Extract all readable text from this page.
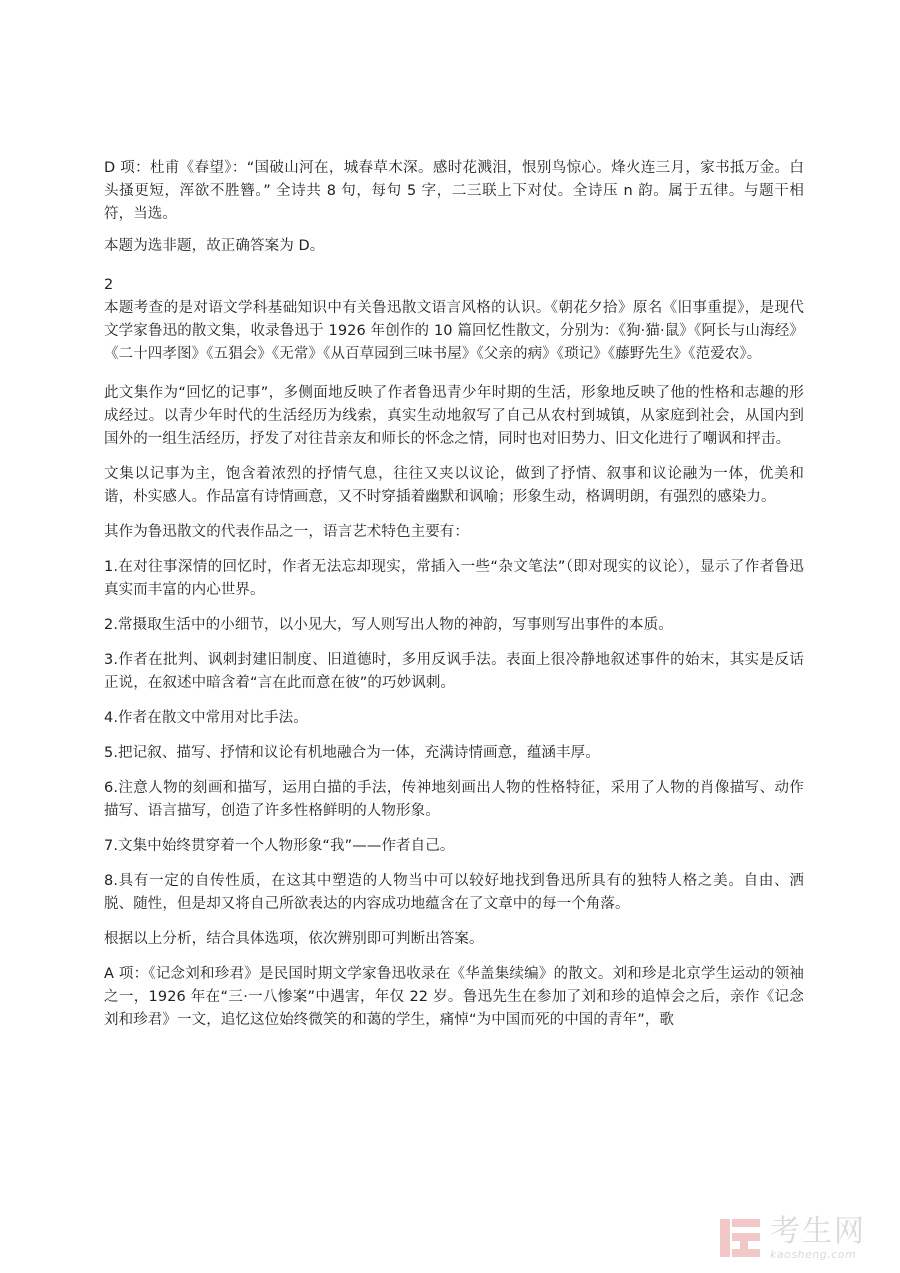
D 项：杜甫《春望》：“国破山河在，城春草木深。感时花溅泪，恨别鸟惊心。烽火连三月，家书抵万金。白头搔更短，浑欲不胜簪。” 全诗共 8 句，每句 5 字，二三联上下对仗。全诗压 n 韵。属于五律。与题干相符，当选。

本题为选非题，故正确答案为 D。

2

本题考查的是对语文学科基础知识中有关鲁迅散文语言风格的认识。《朝花夕拾》原名《旧事重提》，是现代文学家鲁迅的散文集，收录鲁迅于 1926 年创作的 10 篇回忆性散文，分别为：《狗·猫·鼠》《阿长与山海经》《二十四孝图》《五猖会》《无常》《从百草园到三味书屋》《父亲的病》《琐记》《藤野先生》《范爱农》。

此文集作为“回忆的记事”，多侧面地反映了作者鲁迅青少年时期的生活，形象地反映了他的性格和志趣的形成经过。以青少年时代的生活经历为线索，真实生动地叙写了自己从农村到城镇，从家庭到社会，从国内到国外的一组生活经历，抒发了对往昔亲友和师长的怀念之情，同时也对旧势力、旧文化进行了嘲讽和抨击。

文集以记事为主，饱含着浓烈的抒情气息，往往又夹以议论，做到了抒情、叙事和议论融为一体，优美和谐，朴实感人。作品富有诗情画意，又不时穿插着幽默和讽喻；形象生动，格调明朗，有强烈的感染力。

其作为鲁迅散文的代表作品之一，语言艺术特色主要有：

1.在对往事深情的回忆时，作者无法忘却现实，常插入一些“杂文笔法”（即对现实的议论），显示了作者鲁迅真实而丰富的内心世界。

2.常摄取生活中的小细节，以小见大，写人则写出人物的神韵，写事则写出事件的本质。

3.作者在批判、讽刺封建旧制度、旧道德时，多用反讽手法。表面上很冷静地叙述事件的始末，其实是反话正说，在叙述中暗含着“言在此而意在彼”的巧妙讽刺。

4.作者在散文中常用对比手法。

5.把记叙、描写、抒情和议论有机地融合为一体，充满诗情画意，蕴涵丰厚。

6.注意人物的刻画和描写，运用白描的手法，传神地刻画出人物的性格特征，采用了人物的肖像描写、动作描写、语言描写，创造了许多性格鲜明的人物形象。

7.文集中始终贯穿着一个人物形象“我”——作者自己。

8.具有一定的自传性质，在这其中塑造的人物当中可以较好地找到鲁迅所具有的独特人格之美。自由、洒脱、随性，但是却又将自己所欲表达的内容成功地蕴含在了文章中的每一个角落。

根据以上分析，结合具体选项，依次辨别即可判断出答案。

A 项：《记念刘和珍君》是民国时期文学家鲁迅收录在《华盖集续编》的散文。刘和珍是北京学生运动的领袖之一，1926 年在“三·一八惨案”中遇害，年仅 22 岁。鲁迅先生在参加了刘和珍的追悼会之后，亲作《记念刘和珍君》一文，追忆这位始终微笑的和蔼的学生，痛悼“为中国而死的中国的青年”，歌

考生网
kaosheng.com
